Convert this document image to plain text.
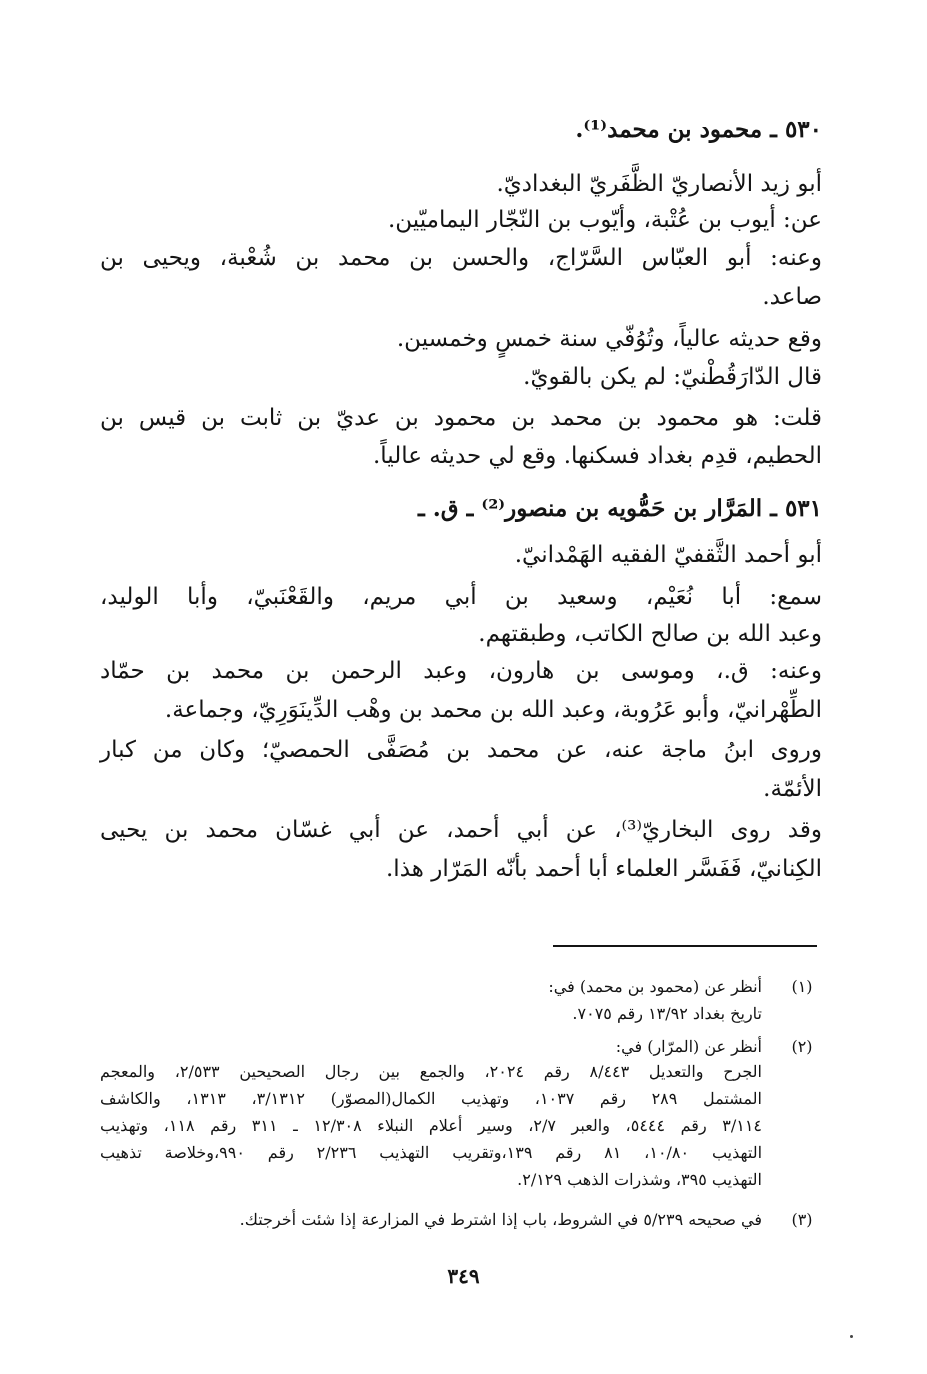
٥٣٠ ـ محمود بن محمد⁽¹⁾.
أبو زيد الأنصاريّ الظَّفَريّ البغداديّ.
عن: أيوب بن عُتْبة، وأيّوب بن النّجّار اليماميّين.
وعنه: أبو العبّاس السَّرّاج، والحسن بن محمد بن شُعْبة، ويحيى بن
صاعد.
وقع حديثه عالياً، وتُوُفّي سنة خمسٍ وخمسين.
قال الدّارَقُطْنيّ: لم يكن بالقويّ.
قلت: هو محمود بن محمد بن محمود بن عديّ بن ثابت بن قيس بن
الحطيم، قدِم بغداد فسكنها. وقع لي حديثه عالياً.
٥٣١ ـ المَرَّار بن حَمُّويه بن منصور⁽²⁾ ـ ق. ـ
أبو أحمد الثَّقفيّ الفقيه الهَمْدانيّ.
سمع: أبا نُعَيْم، وسعيد بن أبي مريم، والقَعْنَبيّ، وأبا الوليد،
وعبد الله بن صالح الكاتب، وطبقتهم.
وعنه: ق.، وموسى بن هارون، وعبد الرحمن بن محمد بن حمّاد
الطِّهْرانيّ، وأبو عَرُوبة، وعبد الله بن محمد بن وهْب الدِّينَوَرِيّ، وجماعة.
وروى ابنُ ماجة عنه، عن محمد بن مُصَفَّى الحمصيّ؛ وكان من كبار
الأئمّة.
وقد روى البخاريّ⁽³⁾، عن أبي أحمد، عن أبي غسّان محمد بن يحيى
الكِنانيّ، فَفَسَّر العلماء أبا أحمد بأنّه المَرّار هذا.
(١)
أنظر عن (محمود بن محمد) في:
تاريخ بغداد ١٣/٩٢ رقم ٧٠٧٥.
(٢)
أنظر عن (المرّار) في:
الجرح والتعديل ٨/٤٤٣ رقم ٢٠٢٤، والجمع بين رجال الصحيحين ٢/٥٣٣، والمعجم
المشتمل ٢٨٩ رقم ١٠٣٧، وتهذيب الكمال(المصوّر) ٣/١٣١٢، ١٣١٣، والكاشف
٣/١١٤ رقم ٥٤٤٤، والعبر ٢/٧، وسير أعلام النبلاء ١٢/٣٠٨ ـ ٣١١ رقم ١١٨، وتهذيب
التهذيب ١٠/٨٠، ٨١ رقم ١٣٩،وتقريب التهذيب ٢/٢٣٦ رقم ٩٩٠،وخلاصة تذهيب
التهذيب ٣٩٥، وشذرات الذهب ٢/١٢٩.
(٣)
في صحيحه ٥/٢٣٩ في الشروط، باب إذا اشترط في المزارعة إذا شئت أخرجتك.
٣٤٩
